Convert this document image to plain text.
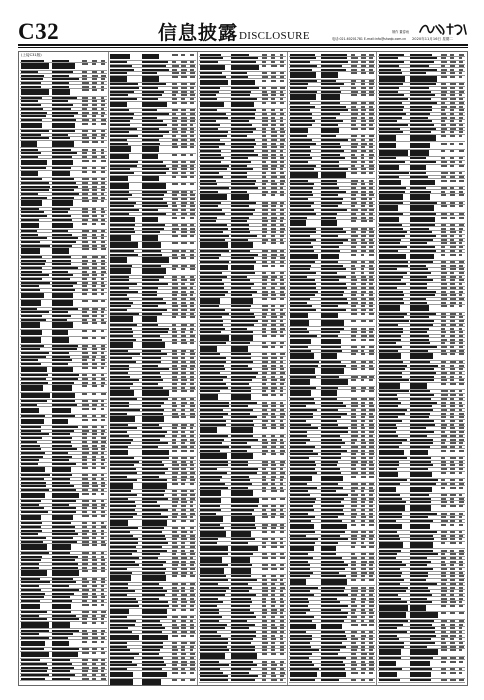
C32	信息披露 DISCLOSURE	制作 董春雨
电话:021-60201781 E-mail:info@shzqb.com.cn 2020年11月16日 星期二
(上接C31版)
